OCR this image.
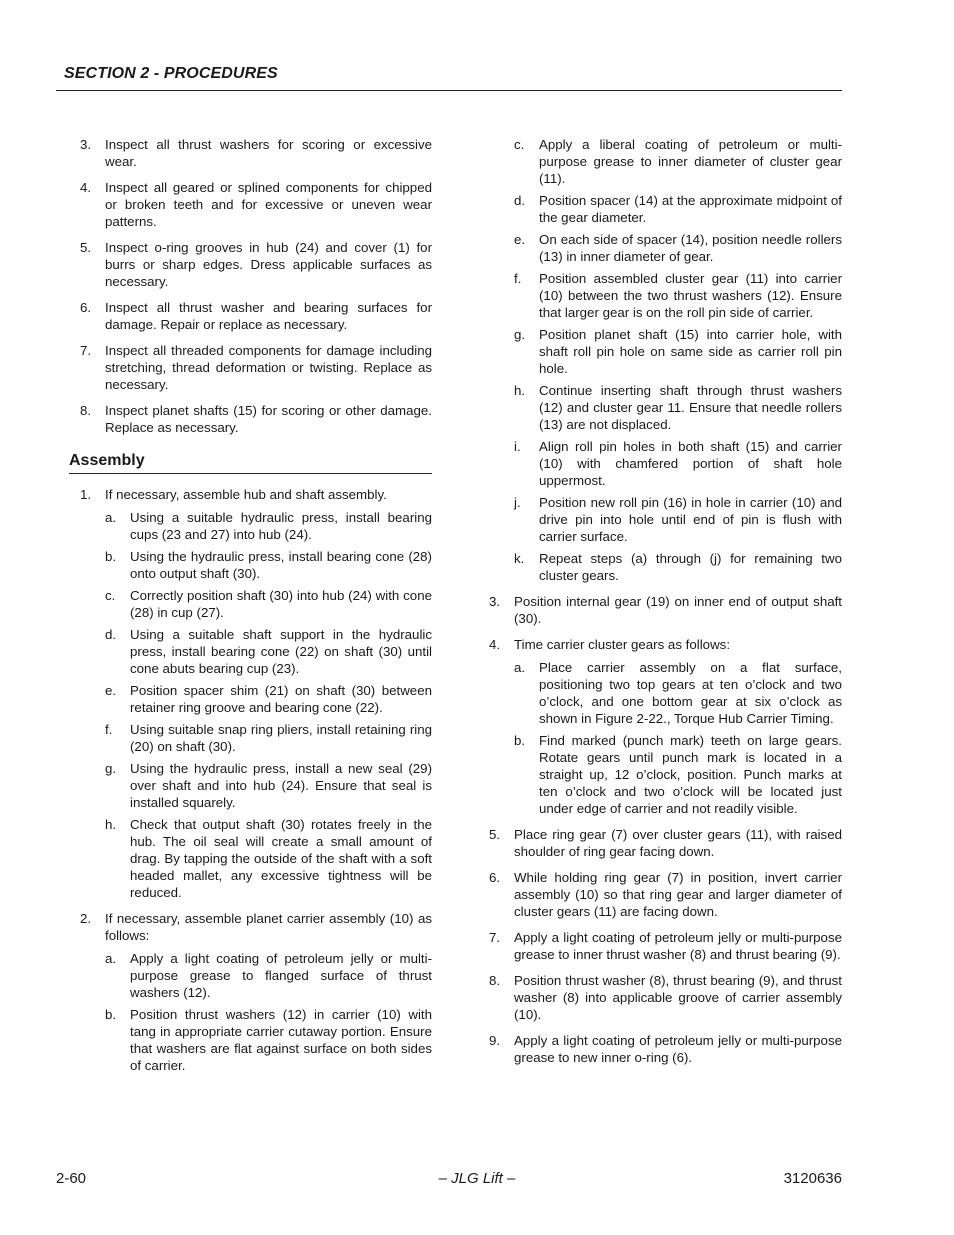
SECTION 2 - PROCEDURES
3.	Inspect all thrust washers for scoring or excessive wear.
4.	Inspect all geared or splined components for chipped or broken teeth and for excessive or uneven wear patterns.
5.	Inspect o-ring grooves in hub (24) and cover (1) for burrs or sharp edges. Dress applicable surfaces as necessary.
6.	Inspect all thrust washer and bearing surfaces for damage. Repair or replace as necessary.
7.	Inspect all threaded components for damage including stretching, thread deformation or twisting. Replace as necessary.
8.	Inspect planet shafts (15) for scoring or other damage. Replace as necessary.
Assembly
1.	If necessary, assemble hub and shaft assembly.
a.	Using a suitable hydraulic press, install bearing cups (23 and 27) into hub (24).
b.	Using the hydraulic press, install bearing cone (28) onto output shaft (30).
c.	Correctly position shaft (30) into hub (24) with cone (28) in cup (27).
d.	Using a suitable shaft support in the hydraulic press, install bearing cone (22) on shaft (30) until cone abuts bearing cup (23).
e.	Position spacer shim (21) on shaft (30) between retainer ring groove and bearing cone (22).
f.	Using suitable snap ring pliers, install retaining ring (20) on shaft (30).
g.	Using the hydraulic press, install a new seal (29) over shaft and into hub (24). Ensure that seal is installed squarely.
h.	Check that output shaft (30) rotates freely in the hub. The oil seal will create a small amount of drag. By tapping the outside of the shaft with a soft headed mallet, any excessive tightness will be reduced.
2.	If necessary, assemble planet carrier assembly (10) as follows:
a.	Apply a light coating of petroleum jelly or multi-purpose grease to flanged surface of thrust washers (12).
b.	Position thrust washers (12) in carrier (10) with tang in appropriate carrier cutaway portion. Ensure that washers are flat against surface on both sides of carrier.
c.	Apply a liberal coating of petroleum or multi-purpose grease to inner diameter of cluster gear (11).
d.	Position spacer (14) at the approximate midpoint of the gear diameter.
e.	On each side of spacer (14), position needle rollers (13) in inner diameter of gear.
f.	Position assembled cluster gear (11) into carrier (10) between the two thrust washers (12). Ensure that larger gear is on the roll pin side of carrier.
g.	Position planet shaft (15) into carrier hole, with shaft roll pin hole on same side as carrier roll pin hole.
h.	Continue inserting shaft through thrust washers (12) and cluster gear 11. Ensure that needle rollers (13) are not displaced.
i.	Align roll pin holes in both shaft (15) and carrier (10) with chamfered portion of shaft hole uppermost.
j.	Position new roll pin (16) in hole in carrier (10) and drive pin into hole until end of pin is flush with carrier surface.
k.	Repeat steps (a) through (j) for remaining two cluster gears.
3.	Position internal gear (19) on inner end of output shaft (30).
4.	Time carrier cluster gears as follows:
a.	Place carrier assembly on a flat surface, positioning two top gears at ten o’clock and two o’clock, and one bottom gear at six o’clock as shown in Figure 2-22., Torque Hub Carrier Timing.
b.	Find marked (punch mark) teeth on large gears. Rotate gears until punch mark is located in a straight up, 12 o’clock, position. Punch marks at ten o’clock and two o’clock will be located just under edge of carrier and not readily visible.
5.	Place ring gear (7) over cluster gears (11), with raised shoulder of ring gear facing down.
6.	While holding ring gear (7) in position, invert carrier assembly (10) so that ring gear and larger diameter of cluster gears (11) are facing down.
7.	Apply a light coating of petroleum jelly or multi-purpose grease to inner thrust washer (8) and thrust bearing (9).
8.	Position thrust washer (8), thrust bearing (9), and thrust washer (8) into applicable groove of carrier assembly (10).
9.	Apply a light coating of petroleum jelly or multi-purpose grease to new inner o-ring (6).
2-60	– JLG Lift –	3120636
